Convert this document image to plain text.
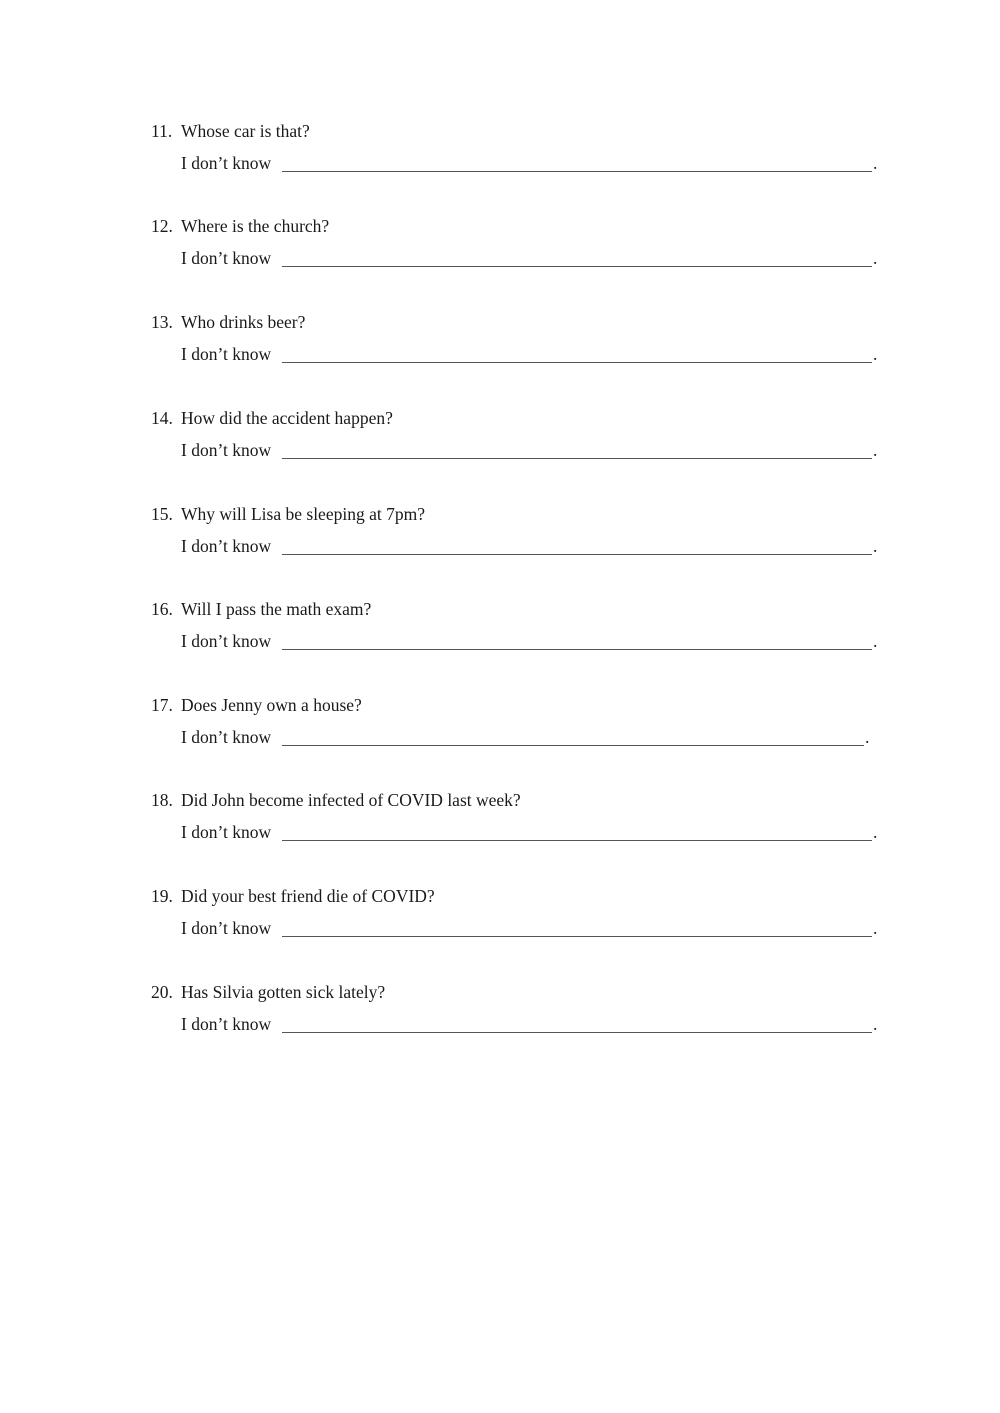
11. Whose car is that?
I don’t know	.
12. Where is the church?
I don’t know	.
13. Who drinks beer?
I don’t know	.
14. How did the accident happen?
I don’t know	.
15. Why will Lisa be sleeping at 7pm?
I don’t know	.
16. Will I pass the math exam?
I don’t know	.
17. Does Jenny own a house?
I don’t know	.
18. Did John become infected of COVID last week?
I don’t know	.
19. Did your best friend die of COVID?
I don’t know	.
20. Has Silvia gotten sick lately?
I don’t know	.
